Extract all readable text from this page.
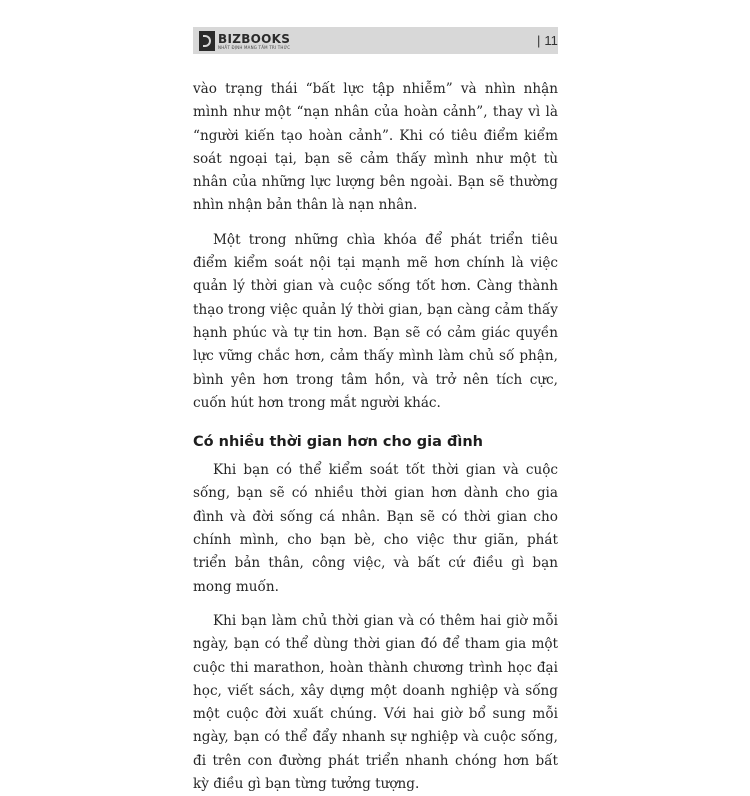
BIZBOOKS
NHẤT ĐỊNH MANG TẦM TRI THỨC	| 11

vào trạng thái “bất lực tập nhiễm” và nhìn nhận mình như một “nạn nhân của hoàn cảnh”, thay vì là “người kiến tạo hoàn cảnh”. Khi có tiêu điểm kiểm soát ngoại tại, bạn sẽ cảm thấy mình như một tù nhân của những lực lượng bên ngoài. Bạn sẽ thường nhìn nhận bản thân là nạn nhân.

Một trong những chìa khóa để phát triển tiêu điểm kiểm soát nội tại mạnh mẽ hơn chính là việc quản lý thời gian và cuộc sống tốt hơn. Càng thành thạo trong việc quản lý thời gian, bạn càng cảm thấy hạnh phúc và tự tin hơn. Bạn sẽ có cảm giác quyền lực vững chắc hơn, cảm thấy mình làm chủ số phận, bình yên hơn trong tâm hồn, và trở nên tích cực, cuốn hút hơn trong mắt người khác.

Có nhiều thời gian hơn cho gia đình

Khi bạn có thể kiểm soát tốt thời gian và cuộc sống, bạn sẽ có nhiều thời gian hơn dành cho gia đình và đời sống cá nhân. Bạn sẽ có thời gian cho chính mình, cho bạn bè, cho việc thư giãn, phát triển bản thân, công việc, và bất cứ điều gì bạn mong muốn.

Khi bạn làm chủ thời gian và có thêm hai giờ mỗi ngày, bạn có thể dùng thời gian đó để tham gia một cuộc thi marathon, hoàn thành chương trình học đại học, viết sách, xây dựng một doanh nghiệp và sống một cuộc đời xuất chúng. Với hai giờ bổ sung mỗi ngày, bạn có thể đẩy nhanh sự nghiệp và cuộc sống, đi trên con đường phát triển nhanh chóng hơn bất kỳ điều gì bạn từng tưởng tượng.
